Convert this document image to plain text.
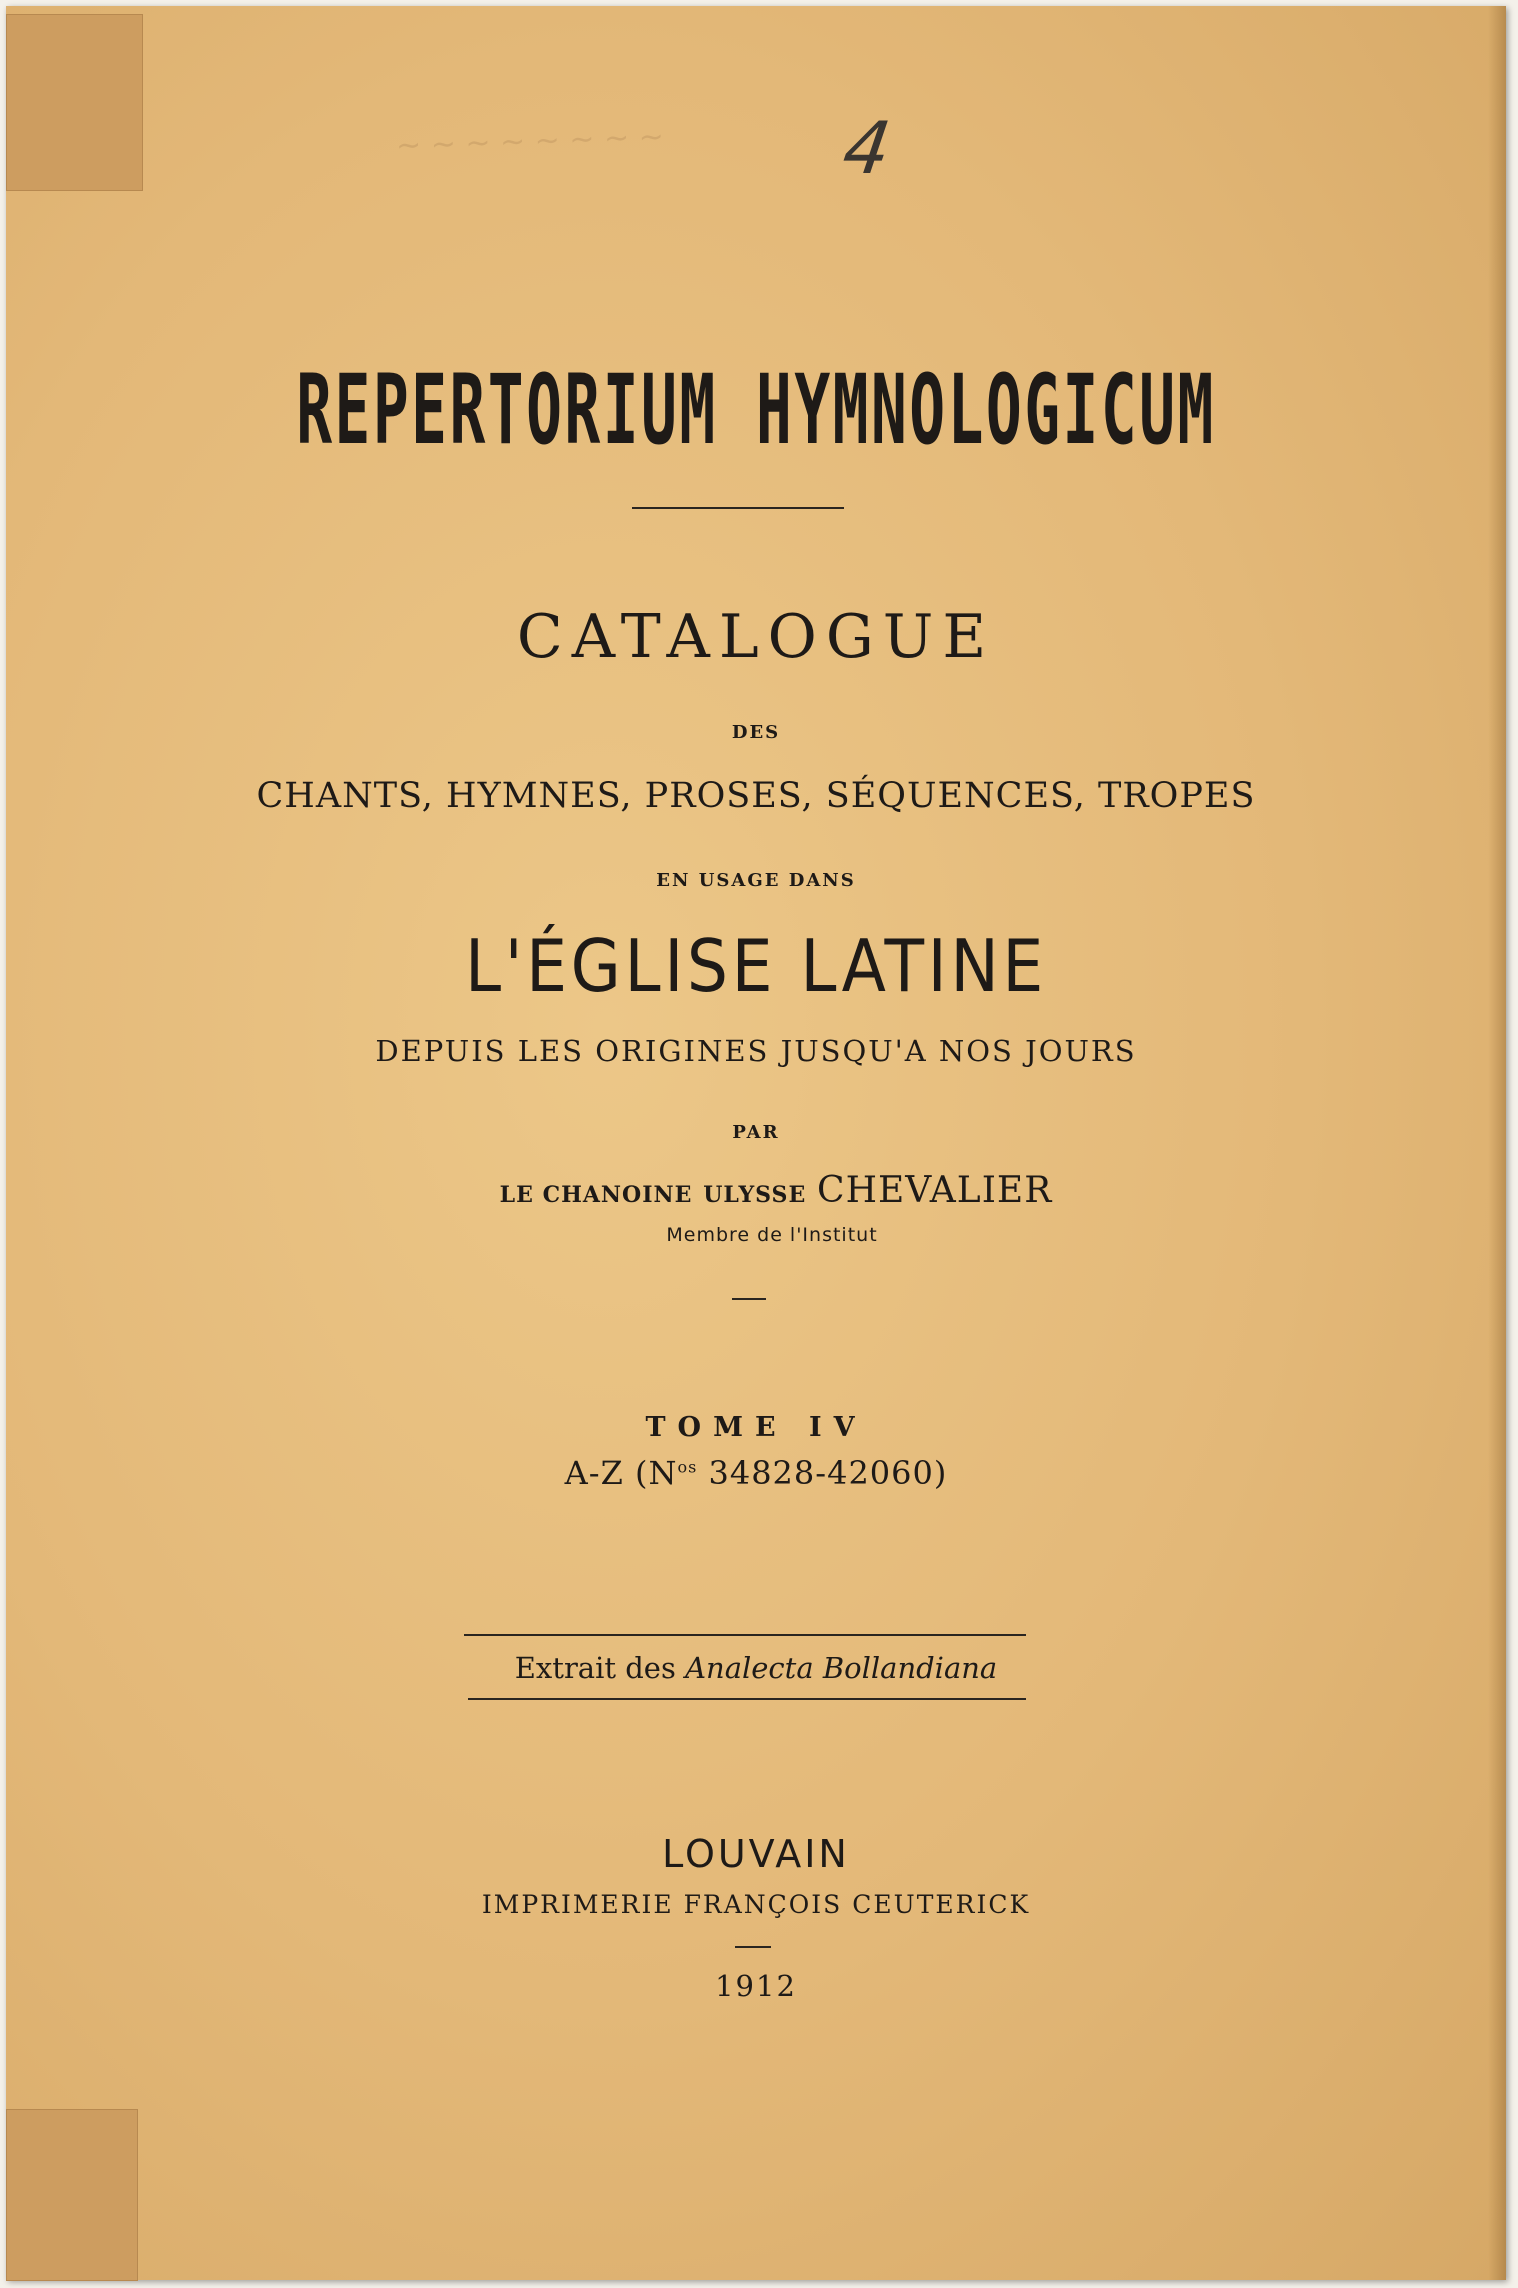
~ ~ ~ ~ ~ ~ ~ ~ 4
REPERTORIUM HYMNOLOGICUM
CATALOGUE
DES
CHANTS, HYMNES, PROSES, SÉQUENCES, TROPES
EN USAGE DANS
L'ÉGLISE LATINE
DEPUIS LES ORIGINES JUSQU'A NOS JOURS
PAR
LE CHANOINE ULYSSE CHEVALIER
Membre de l'Institut
TOME IV
A-Z ($N^{os}$ 34828-42060)
Extrait des Analecta Bollandiana
LOUVAIN
IMPRIMERIE FRANÇOIS CEUTERICK
1912
